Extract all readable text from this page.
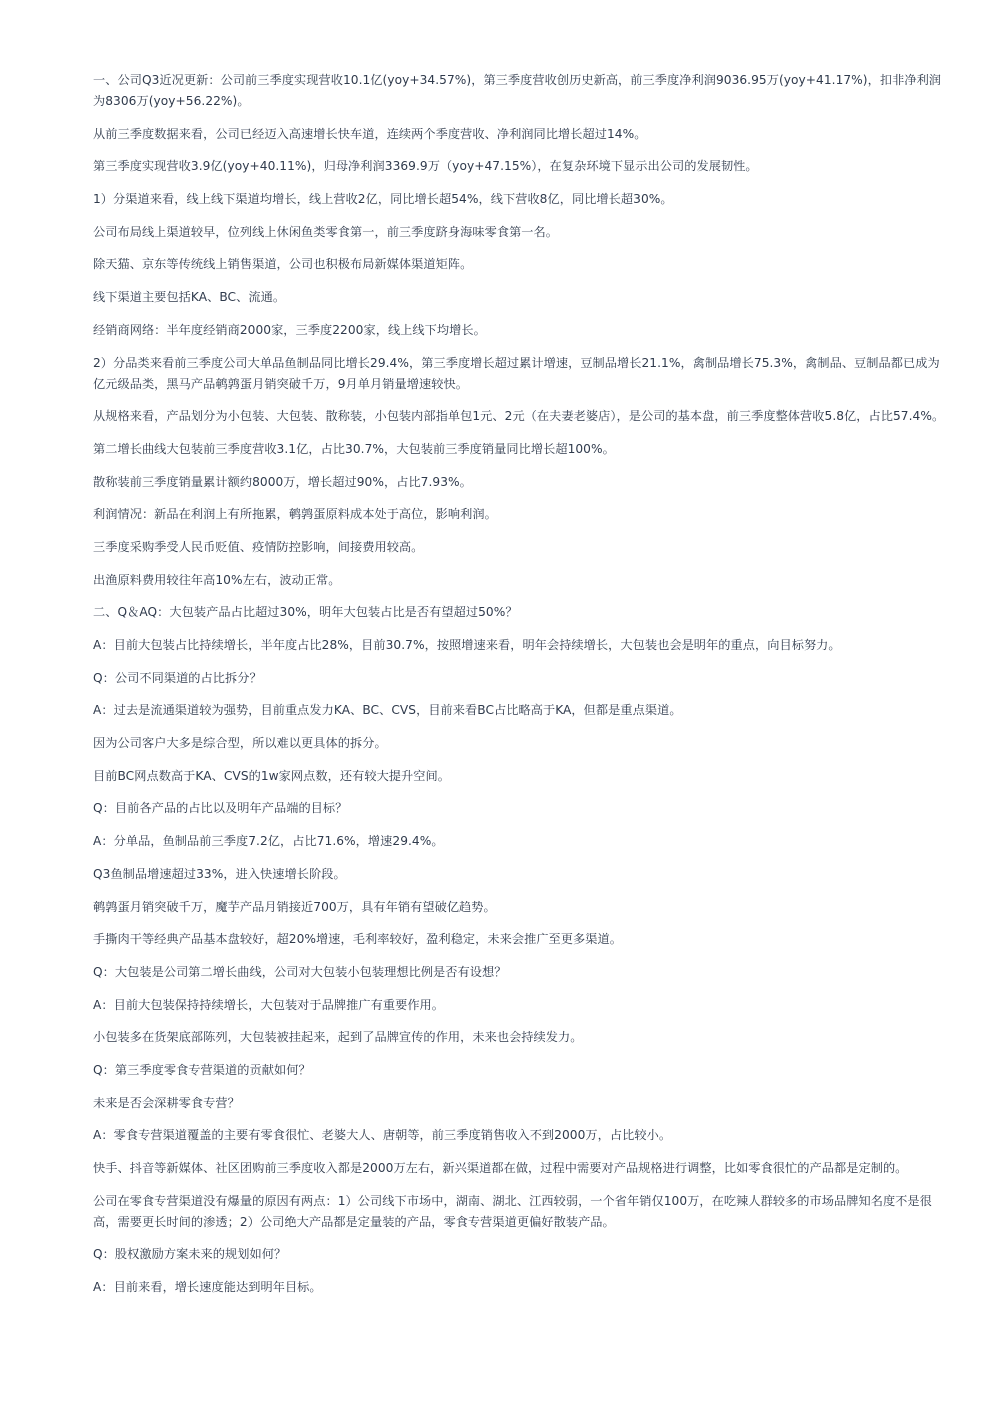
一、公司Q3近况更新：公司前三季度实现营收10.1亿(yoy+34.57%)，第三季度营收创历史新高，前三季度净利润9036.95万(yoy+41.17%)，扣非净利润为8306万(yoy+56.22%)。

从前三季度数据来看，公司已经迈入高速增长快车道，连续两个季度营收、净利润同比增长超过14%。

第三季度实现营收3.9亿(yoy+40.11%)，归母净利润3369.9万（yoy+47.15%），在复杂环境下显示出公司的发展韧性。

1）分渠道来看，线上线下渠道均增长，线上营收2亿，同比增长超54%，线下营收8亿，同比增长超30%。

公司布局线上渠道较早，位列线上休闲鱼类零食第一，前三季度跻身海味零食第一名。

除天猫、京东等传统线上销售渠道，公司也积极布局新媒体渠道矩阵。

线下渠道主要包括KA、BC、流通。

经销商网络：半年度经销商2000家，三季度2200家，线上线下均增长。

2）分品类来看前三季度公司大单品鱼制品同比增长29.4%，第三季度增长超过累计增速，豆制品增长21.1%，禽制品增长75.3%，禽制品、豆制品都已成为亿元级品类，黑马产品鹌鹑蛋月销突破千万，9月单月销量增速较快。

从规格来看，产品划分为小包装、大包装、散称装，小包装内部指单包1元、2元（在夫妻老婆店），是公司的基本盘，前三季度整体营收5.8亿，占比57.4%。

第二增长曲线大包装前三季度营收3.1亿，占比30.7%，大包装前三季度销量同比增长超100%。

散称装前三季度销量累计额约8000万，增长超过90%，占比7.93%。

利润情况：新品在利润上有所拖累，鹌鹑蛋原料成本处于高位，影响利润。

三季度采购季受人民币贬值、疫情防控影响，间接费用较高。

出渔原料费用较往年高10%左右，波动正常。

二、Q＆AQ：大包装产品占比超过30%，明年大包装占比是否有望超过50%？

A：目前大包装占比持续增长，半年度占比28%，目前30.7%，按照增速来看，明年会持续增长，大包装也会是明年的重点，向目标努力。

Q：公司不同渠道的占比拆分？

A：过去是流通渠道较为强势，目前重点发力KA、BC、CVS，目前来看BC占比略高于KA，但都是重点渠道。

因为公司客户大多是综合型，所以难以更具体的拆分。

目前BC网点数高于KA、CVS的1w家网点数，还有较大提升空间。

Q：目前各产品的占比以及明年产品端的目标？

A：分单品，鱼制品前三季度7.2亿，占比71.6%，增速29.4%。

Q3鱼制品增速超过33%，进入快速增长阶段。

鹌鹑蛋月销突破千万，魔芋产品月销接近700万，具有年销有望破亿趋势。

手撕肉干等经典产品基本盘较好，超20%增速，毛利率较好，盈利稳定，未来会推广至更多渠道。

Q：大包装是公司第二增长曲线，公司对大包装小包装理想比例是否有设想？

A：目前大包装保持持续增长，大包装对于品牌推广有重要作用。

小包装多在货架底部陈列，大包装被挂起来，起到了品牌宣传的作用，未来也会持续发力。

Q：第三季度零食专营渠道的贡献如何？

未来是否会深耕零食专营？

A：零食专营渠道覆盖的主要有零食很忙、老婆大人、唐朝等，前三季度销售收入不到2000万，占比较小。

快手、抖音等新媒体、社区团购前三季度收入都是2000万左右，新兴渠道都在做，过程中需要对产品规格进行调整，比如零食很忙的产品都是定制的。

公司在零食专营渠道没有爆量的原因有两点：1）公司线下市场中，湖南、湖北、江西较弱，一个省年销仅100万，在吃辣人群较多的市场品牌知名度不是很高，需要更长时间的渗透；2）公司绝大产品都是定量装的产品，零食专营渠道更偏好散装产品。

Q：股权激励方案未来的规划如何？

A：目前来看，增长速度能达到明年目标。
